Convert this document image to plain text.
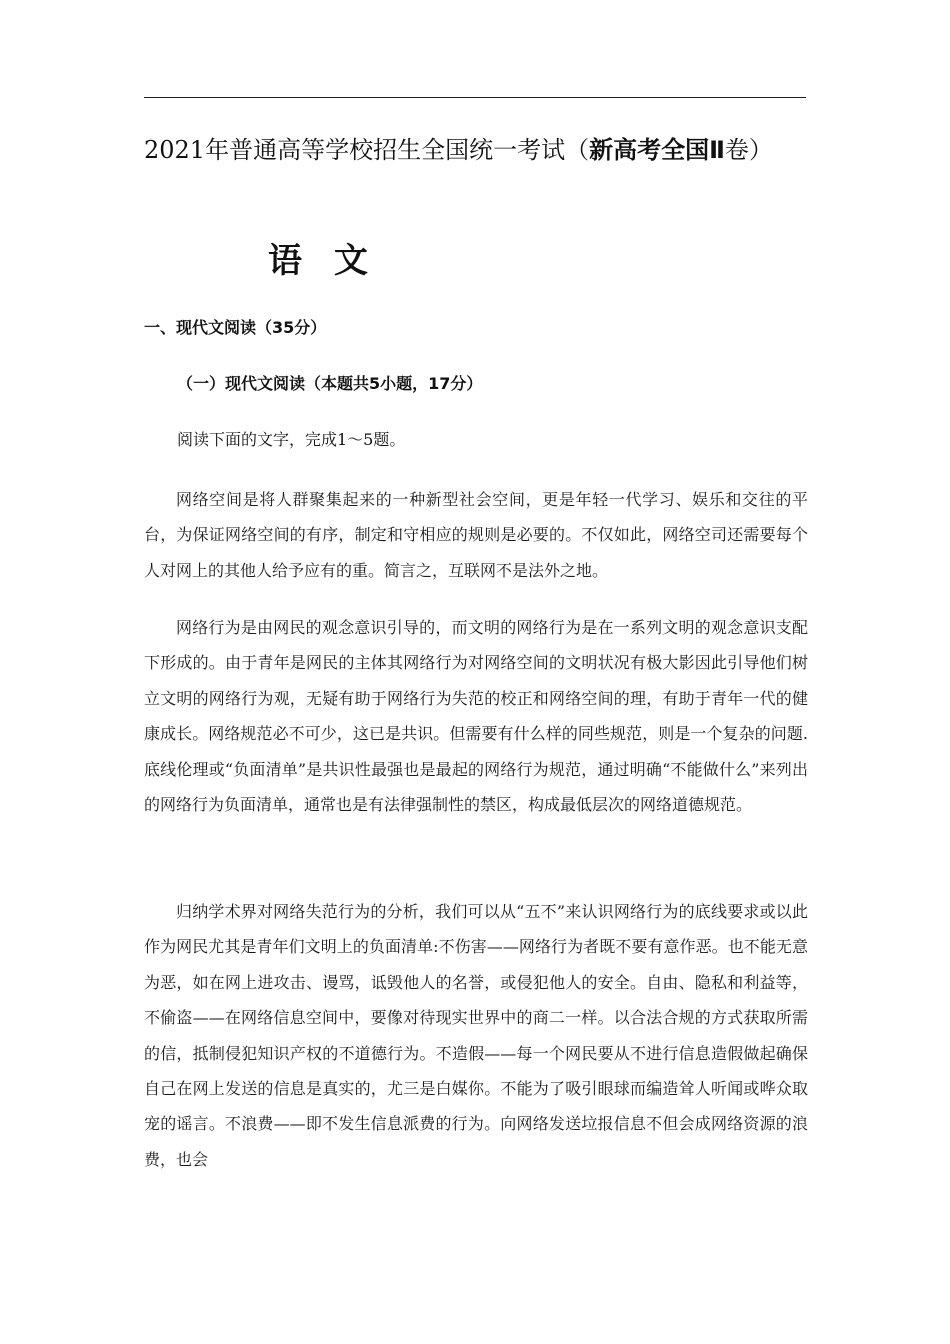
2021年普通高等学校招生全国统一考试（新高考全国Ⅱ卷）
语 文
一、现代文阅读（35分）
（一）现代文阅读（本题共5小题，17分）
阅读下面的文字，完成1～5题。
网络空间是将人群聚集起来的一种新型社会空间，更是年轻一代学习、娱乐和交往的平台，为保证网络空间的有序，制定和守相应的规则是必要的。不仅如此，网络空司还需要每个人对网上的其他人给予应有的重。简言之，互联网不是法外之地。
网络行为是由网民的观念意识引导的，而文明的网络行为是在一系列文明的观念意识支配下形成的。由于青年是网民的主体其网络行为对网络空间的文明状况有极大影因此引导他们树立文明的网络行为观，无疑有助于网络行为失范的校正和网络空间的理，有助于青年一代的健康成长。网络规范必不可少，这已是共识。但需要有什么样的同些规范，则是一个复杂的问题.底线伦理或“负面清单”是共识性最强也是最起的网络行为规范，通过明确“不能做什么”来列出的网络行为负面清单，通常也是有法律强制性的禁区，构成最低层次的网络道德规范。
归纳学术界对网络失范行为的分析，我们可以从“五不”来认识网络行为的底线要求或以此作为网民尤其是青年们文明上的负面清单:不伤害——网络行为者既不要有意作恶。也不能无意为恶，如在网上进攻击、谩骂，诋毁他人的名誉，或侵犯他人的安全。自由、隐私和利益等，不偷盗——在网络信息空间中，要像对待现实世界中的商二一样。以合法合规的方式获取所需的信，抵制侵犯知识产权的不道德行为。不造假——每一个网民要从不进行信息造假做起确保自己在网上发送的信息是真实的，尤三是白媒你。不能为了吸引眼球而编造耸人听闻或哗众取宠的谣言。不浪费——即不发生信息派费的行为。向网络发送垃报信息不但会成网络资源的浪费，也会
